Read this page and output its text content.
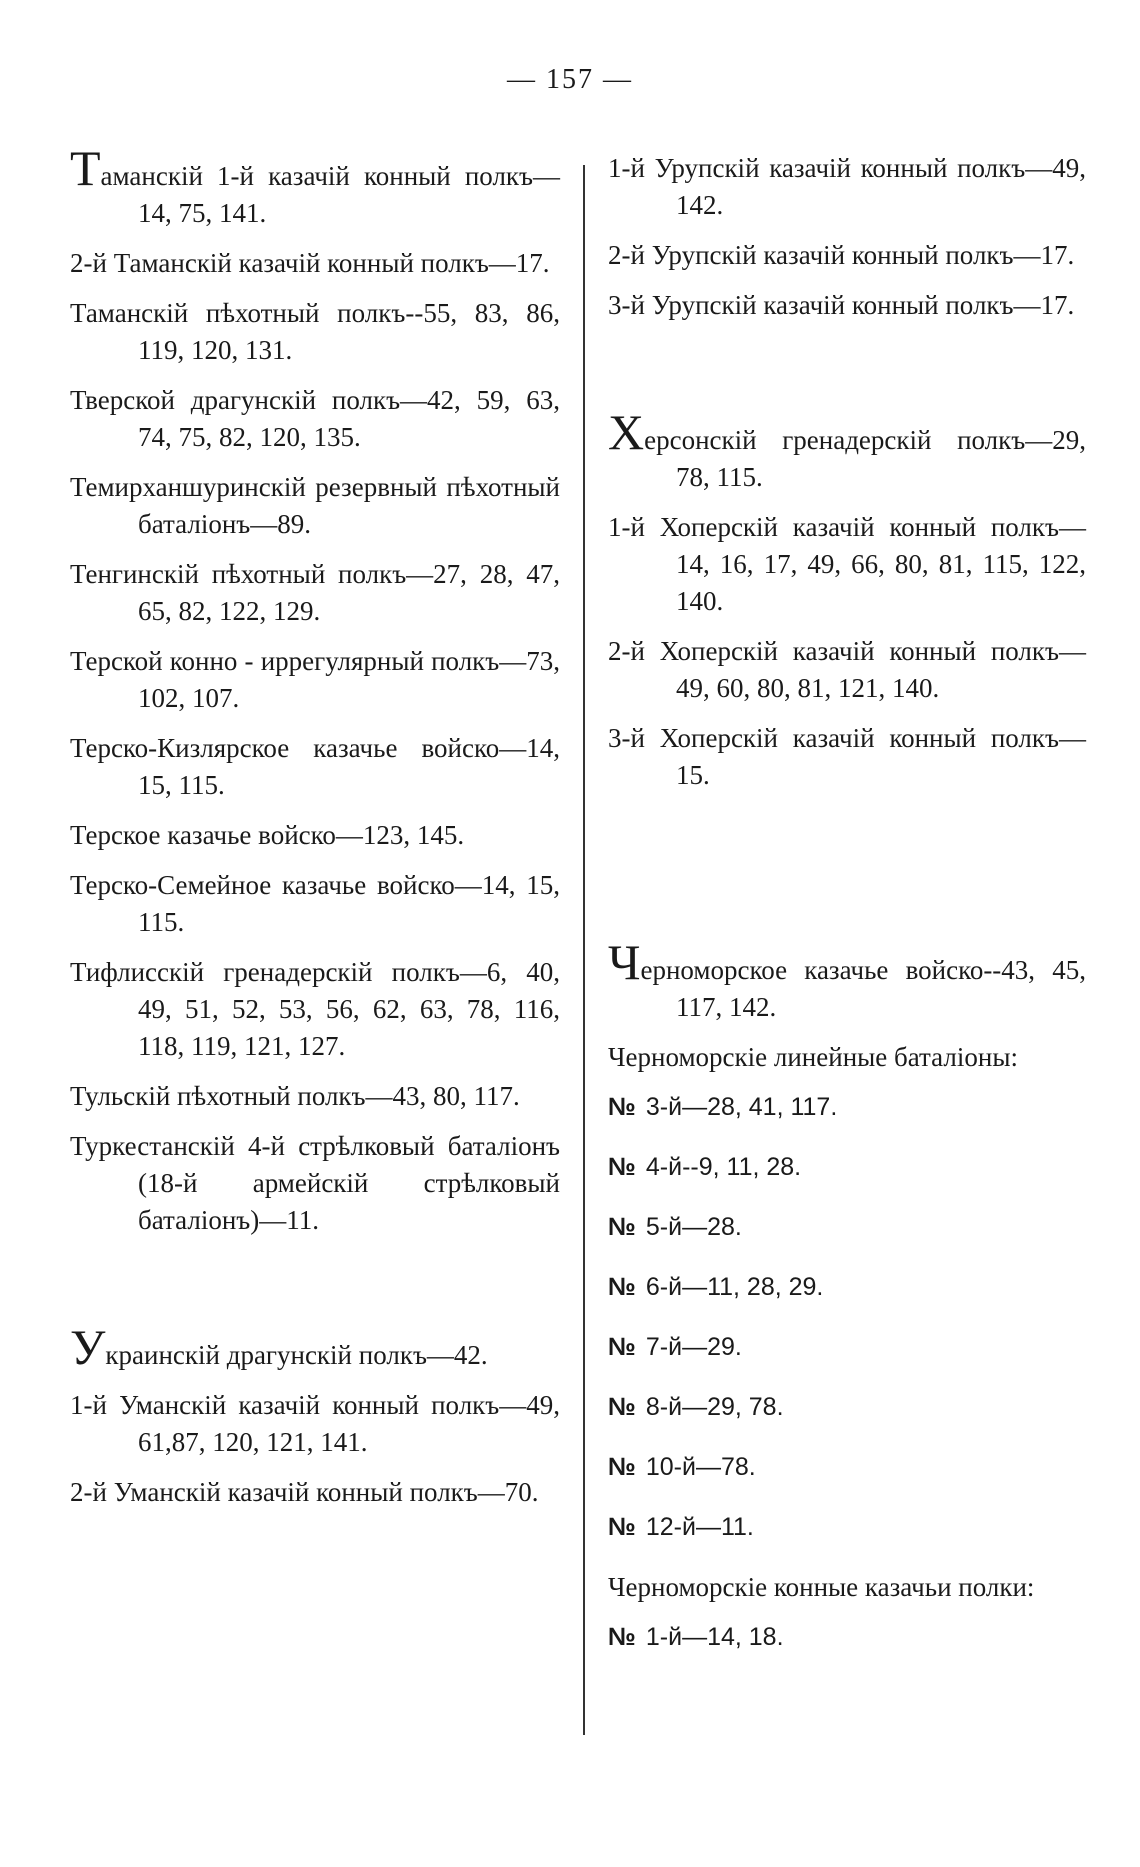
— 157 —

Таманскій 1-й казачій конный полкъ—14, 75, 141.

2-й Таманскій казачій конный полкъ—17.

Таманскій пѣхотный полкъ--55, 83, 86, 119, 120, 131.

Тверской драгунскій полкъ—42, 59, 63, 74, 75, 82, 120, 135.

Темирханшуринскій резервный пѣхотный баталіонъ—89.

Тенгинскій пѣхотный полкъ—27, 28, 47, 65, 82, 122, 129.

Терской конно - иррегулярный полкъ—73, 102, 107.

Терско-Кизлярское казачье войско—14, 15, 115.

Терское казачье войско—123, 145.

Терско-Семейное казачье войско—14, 15, 115.

Тифлисскій гренадерскій полкъ—6, 40, 49, 51, 52, 53, 56, 62, 63, 78, 116, 118, 119, 121, 127.

Тульскій пѣхотный полкъ—43, 80, 117.

Туркестанскій 4-й стрѣлковый баталіонъ (18-й армейскій стрѣлковый баталіонъ)—11.

Украинскій драгунскій полкъ—42.

1-й Уманскій казачій конный полкъ—49, 61,87, 120, 121, 141.

2-й Уманскій казачій конный полкъ—70.

1-й Урупскій казачій конный полкъ—49, 142.

2-й Урупскій казачій конный полкъ—17.

3-й Урупскій казачій конный полкъ—17.

Херсонскій гренадерскій полкъ—29, 78, 115.

1-й Хоперскій казачій конный полкъ—14, 16, 17, 49, 66, 80, 81, 115, 122, 140.

2-й Хоперскій казачій конный полкъ—49, 60, 80, 81, 121, 140.

3-й Хоперскій казачій конный полкъ—15.

Черноморское казачье войско--43, 45, 117, 142.

Черноморскіе линейные баталіоны:

№ 3-й—28, 41, 117.
№ 4-й--9, 11, 28.
№ 5-й—28.
№ 6-й—11, 28, 29.
№ 7-й—29.
№ 8-й—29, 78.
№ 10-й—78.
№ 12-й—11.

Черноморскіе конные казачьи полки:

№ 1-й—14, 18.
